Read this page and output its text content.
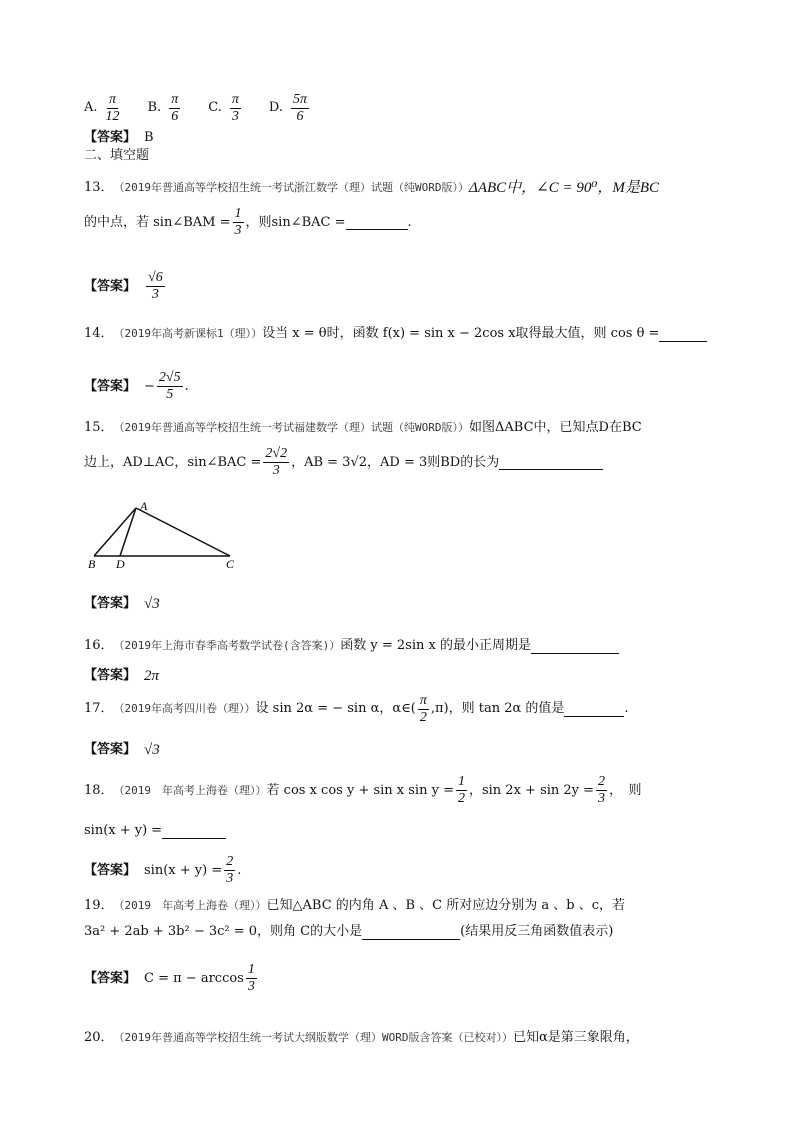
A. $\frac{\pi}{12} B$. $\frac{\pi}{6} C$. $\frac{\pi}{3} D$. $\frac{5\pi}{6}$
【答案】 B
二、填空题
13． （2019年普通高等学校招生统一考试浙江数学（理）试题（纯WORD版）） ΔABC中，∠C = 90⁰，M是BC
的中点，若 sin∠BAM = $\frac{1}{3}$ ，则sin∠BAC =	.
【答案】 $\frac{√6}{3}$
14． （2019年高考新课标1（理）） 设当 x = θ时，函数 f(x) = sin x − 2cos x取得最大值，则 cos θ =
【答案】 − $\frac{2√5}{5}$ .
15． （2019年普通高等学校招生统一考试福建数学（理）试题（纯WORD版）） 如图ΔABC中，已知点D在BC
边上，AD⊥AC，sin∠BAC = $\frac{2√2}{3}$ ，AB = 3√2，AD = 3则BD的长为
A
B D	C
【答案】 √3
16． （2019年上海市春季高考数学试卷(含答案)） 函数 y = 2sin x 的最小正周期是
【答案】 2π
17． （2019年高考四川卷（理）） 设 sin 2α = − sin α，α∈( $\frac{\pi}{2} ,\pi$)，则 tan 2α 的值是	.
【答案】 √3
18． （2019　年高考上海卷（理）） 若 cos x cos y + sin x $\sin y = \frac{1}{2}$ ，$\sin 2x + \sin 2y = \frac{2}{3}$ ，　则
sin(x + y) =
【答案】 $\sin(x + y) = \frac{2}{3}$ .
19． （2019　年高考上海卷（理）） 已知△ABC 的内角 A 、B 、C 所对应边分别为 a 、b 、c，若
3a² + 2ab + 3b² − 3c² = 0，则角 C的大小是	(结果用反三角函数值表示)
【答案】 $C = \pi - \arccos \frac{1}{3}$
20． （2019年普通高等学校招生统一考试大纲版数学（理）WORD版含答案（已校对）） 已知α是第三象限角，
